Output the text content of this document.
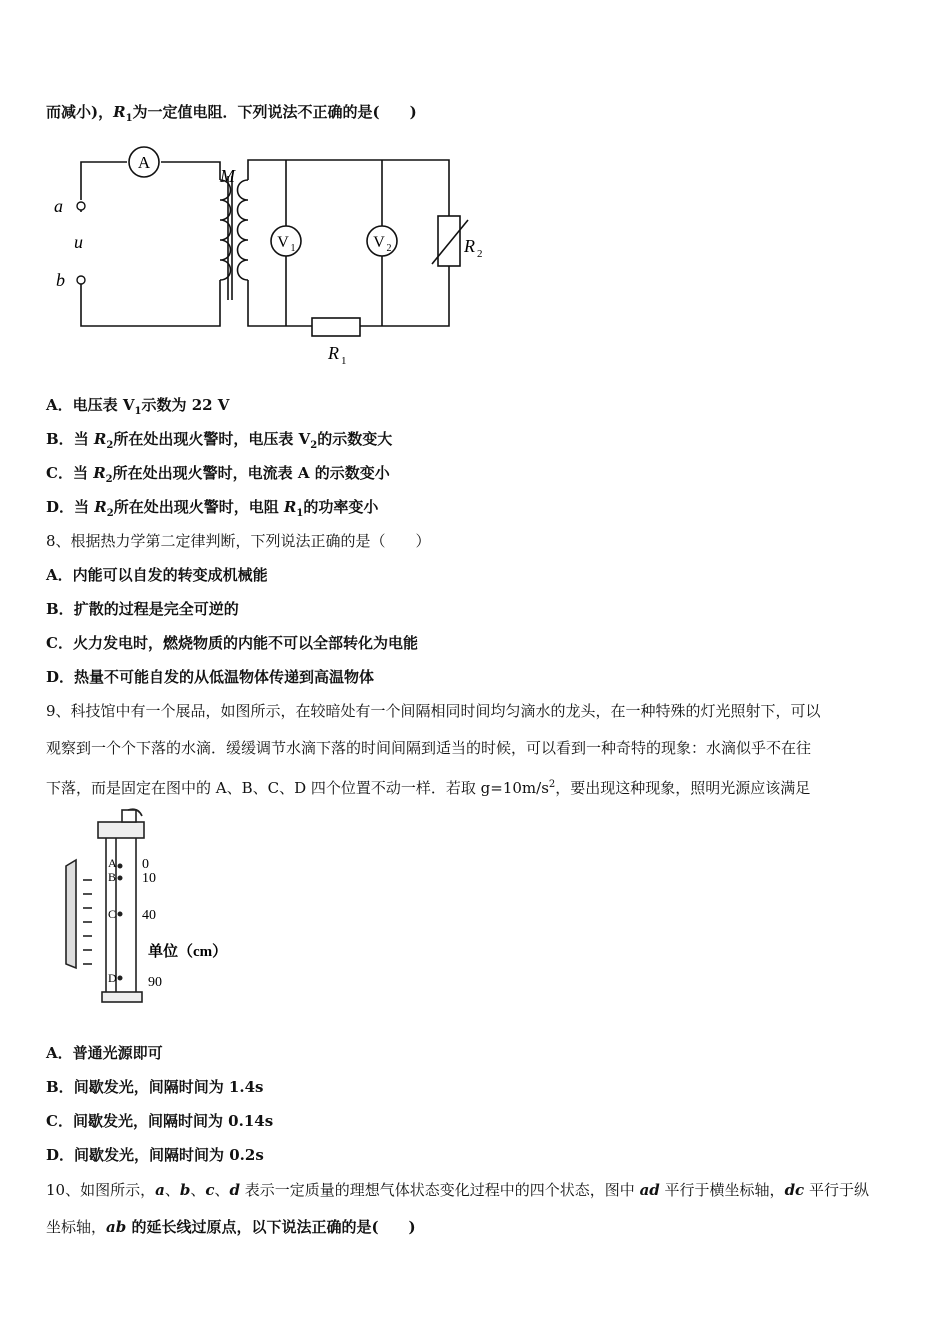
而减小)，$R_1$为一定值电阻．下列说法不正确的是(　　)
A
V 1	V 2
M
a
u
b
R 2
R 1
A．电压表 $V_1$示数为 22 V
B．当 $R_2$所在处出现火警时，电压表 $V_2$的示数变大
C．当 $R_2$所在处出现火警时，电流表 A 的示数变小
D．当 $R_2$所在处出现火警时，电阻 $R_1$的功率变小
8、根据热力学第二定律判断，下列说法正确的是（　　）
A．内能可以自发的转变成机械能
B．扩散的过程是完全可逆的
C．火力发电时，燃烧物质的内能不可以全部转化为电能
D．热量不可能自发的从低温物体传递到高温物体
9、科技馆中有一个展品，如图所示，在较暗处有一个间隔相同时间均匀滴水的龙头，在一种特殊的灯光照射下，可以
观察到一个个下落的水滴．缓缓调节水滴下落的时间间隔到适当的时候，可以看到一种奇特的现象：水滴似乎不在往
下落，而是固定在图中的 A、B、C、D 四个位置不动一样．若取 $g=10m/s^2$，要出现这种现象，照明光源应该满足
A
B
C
D
0
10
40
90
单位（cm）
A．普通光源即可
B．间歇发光，间隔时间为 1.4s
C．间歇发光，间隔时间为 0.14s
D．间歇发光，间隔时间为 0.2s
10、如图所示，a、b、c、d 表示一定质量的理想气体状态变化过程中的四个状态，图中 ad 平行于横坐标轴，dc 平行于纵
坐标轴，ab 的延长线过原点，以下说法正确的是(　　)
